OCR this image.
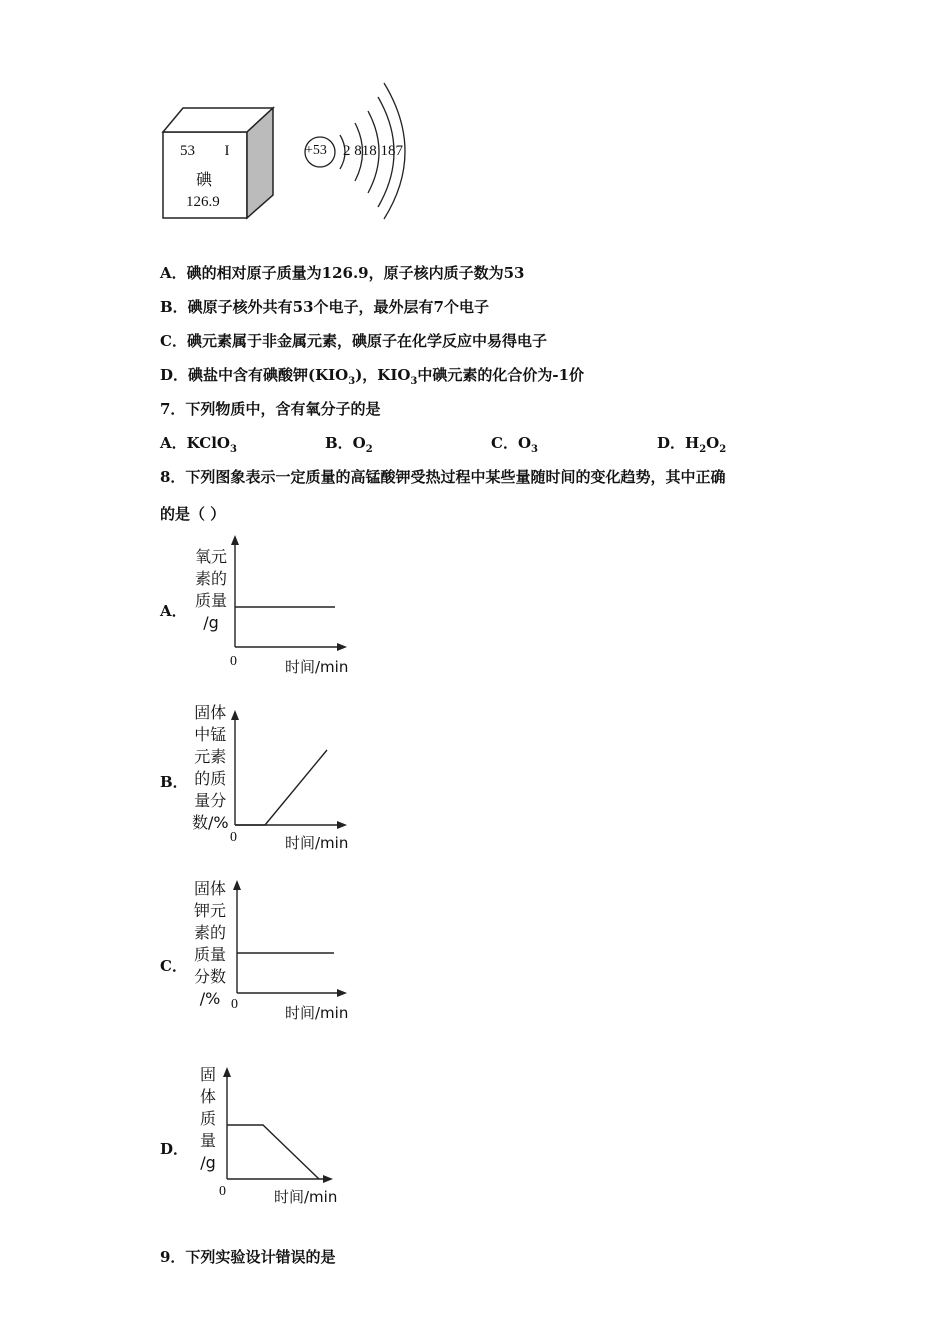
53 I
碘
126.9
+53 2 818 187
A．碘的相对原子质量为126.9，原子核内质子数为53
B．碘原子核外共有53个电子，最外层有7个电子
C．碘元素属于非金属元素，碘原子在化学反应中易得电子
D．碘盐中含有碘酸钾$(KIO_3)$，$KIO_3$中碘元素的化合价为-1价
7．下列物质中，含有氧分子的是
A．KClO$_3$	B．$O_2$	C．$O_3$	D．$H_2O_2$
8．下列图象表示一定质量的高锰酸钾受热过程中某些量随时间的变化趋势，其中正确
的是（ ）
A．
氧元
素的
质量
/g
0	时间/min
B．
固体
中锰
元素
的质
量分
数/%
0	时间/min
C．
固体
钾元
素的
质量
分数
/% 0	时间/min
D．
固
体
质
量
/g
0	时间/min
9．下列实验设计错误的是
